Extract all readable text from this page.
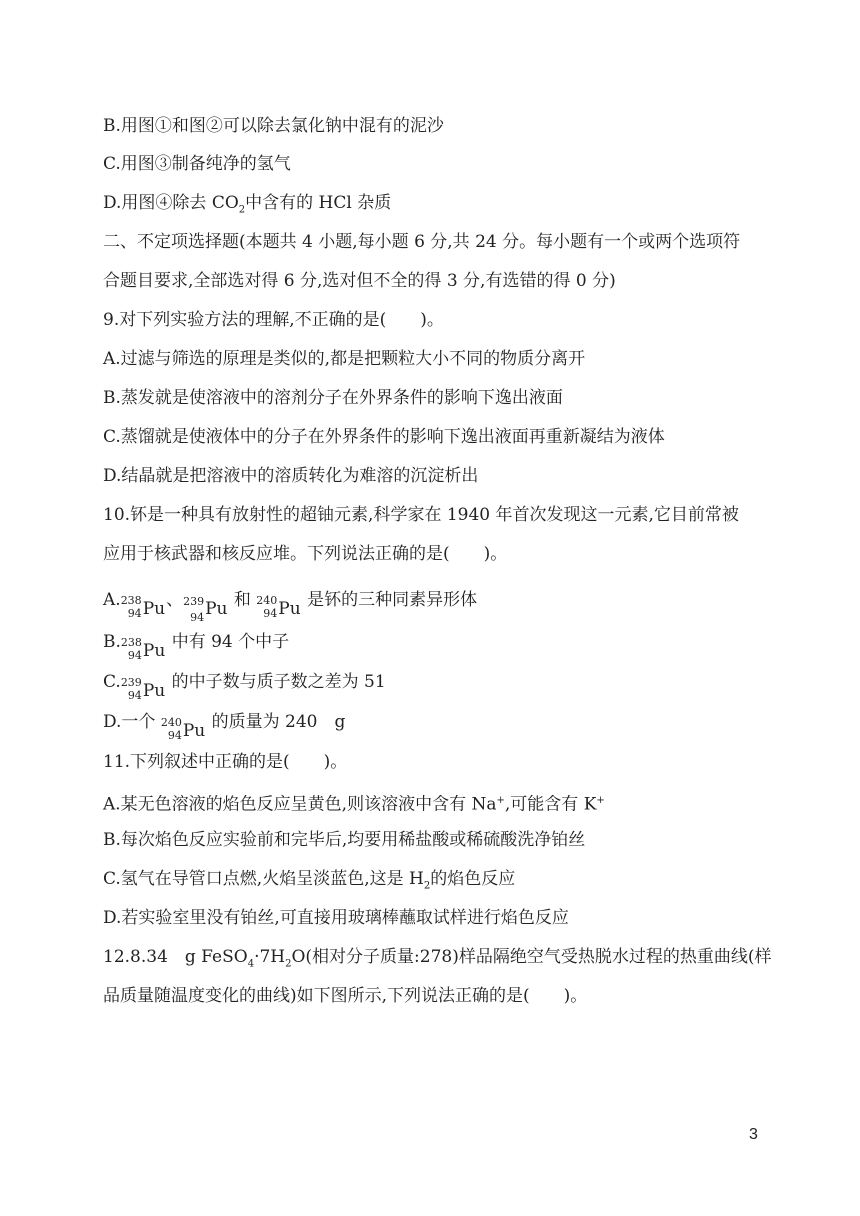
B.用图①和图②可以除去氯化钠中混有的泥沙
C.用图③制备纯净的氢气
D.用图④除去 $CO_2$中含有的 HCl 杂质
二、不定项选择题(本题共 4 小题,每小题 6 分,共 24 分。每小题有一个或两个选项符
合题目要求,全部选对得 6 分,选对但不全的得 3 分,有选错的得 0 分)
9.对下列实验方法的理解,不正确的是(　　)。
A.过滤与筛选的原理是类似的,都是把颗粒大小不同的物质分离开
B.蒸发就是使溶液中的溶剂分子在外界条件的影响下逸出液面
C.蒸馏就是使液体中的分子在外界条件的影响下逸出液面再重新凝结为液体
D.结晶就是把溶液中的溶质转化为难溶的沉淀析出
10.钚是一种具有放射性的超铀元素,科学家在 1940 年首次发现这一元素,它目前常被
应用于核武器和核反应堆。下列说法正确的是(　　)。
A. 238
94 Pu、 239
94 Pu 和 240
94 Pu 是钚的三种同素异形体
B. 238
94 Pu 中有 94 个中子
C. 239
94 Pu 的中子数与质子数之差为 51
D.一个 240
94 Pu 的质量为 240　g
11.下列叙述中正确的是(　　)。
A.某无色溶液的焰色反应呈黄色,则该溶液中含有 Na+,可能含有 K+
B.每次焰色反应实验前和完毕后,均要用稀盐酸或稀硫酸洗净铂丝
C.氢气在导管口点燃,火焰呈淡蓝色,这是 $H_2$的焰色反应
D.若实验室里没有铂丝,可直接用玻璃棒蘸取试样进行焰色反应
12.8.34　g $FeSO_4\cdot 7H_2O$(相对分子质量:278)样品隔绝空气受热脱水过程的热重曲线(样
品质量随温度变化的曲线)如下图所示,下列说法正确的是(　　)。
3
